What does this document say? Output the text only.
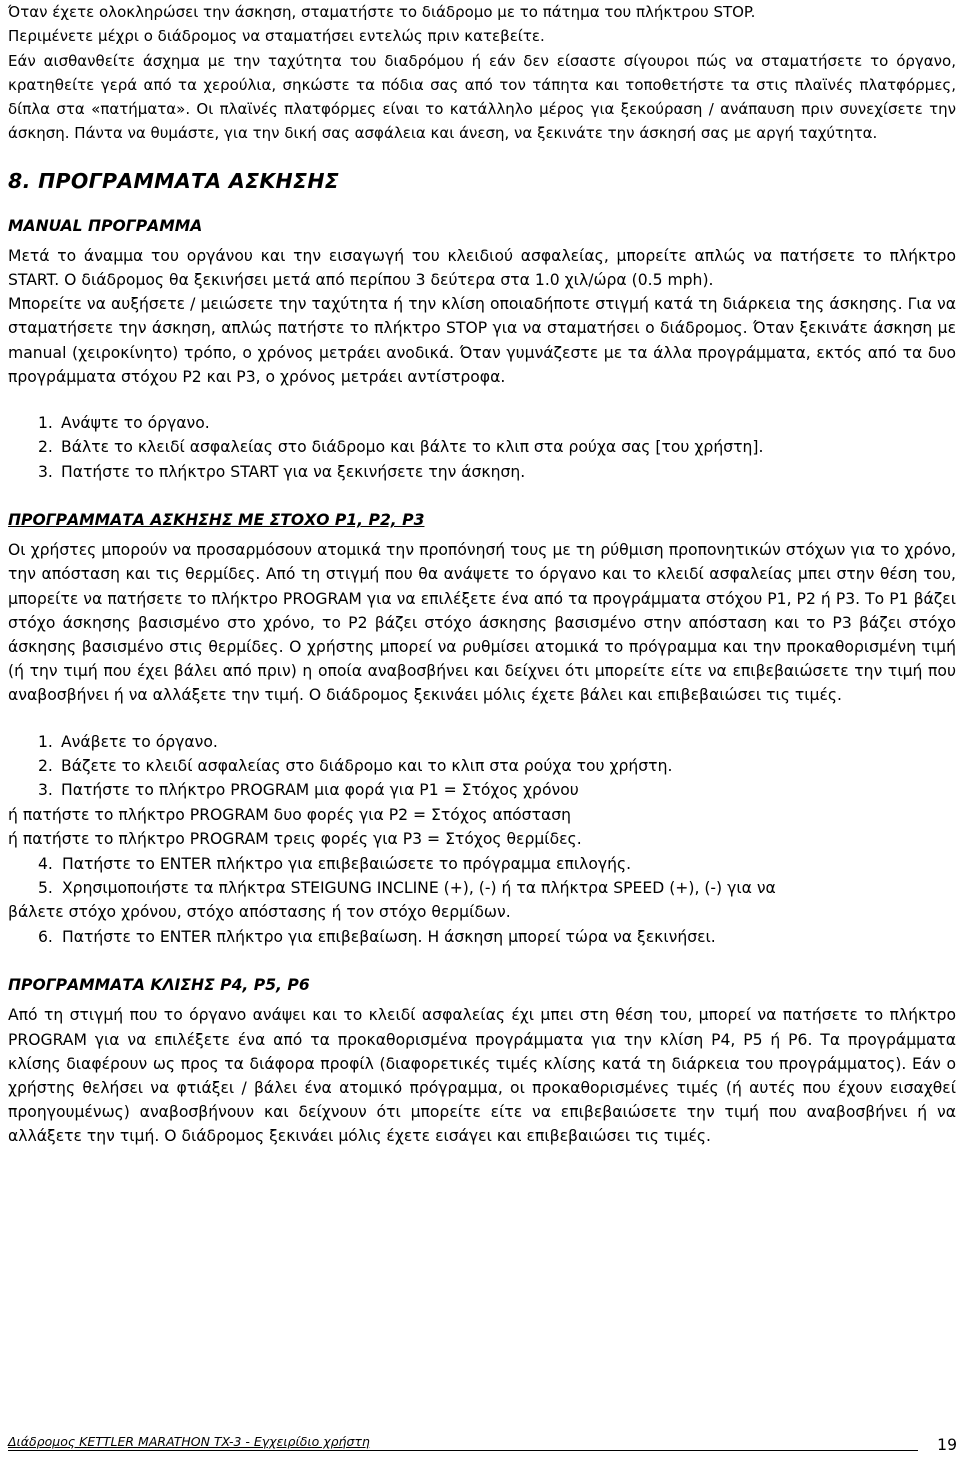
Όταν έχετε ολοκληρώσει την άσκηση, σταματήστε το διάδρομο με το πάτημα του πλήκτρου STOP.

Περιμένετε μέχρι ο διάδρομος να σταματήσει εντελώς πριν κατεβείτε.

Εάν αισθανθείτε άσχημα με την ταχύτητα του διαδρόμου ή εάν δεν είσαστε σίγουροι πώς να σταματήσετε το όργανο, κρατηθείτε γερά από τα χερούλια, σηκώστε τα πόδια σας από τον τάπητα και τοποθετήστε τα στις πλαϊνές πλατφόρμες, δίπλα στα «πατήματα». Οι πλαϊνές πλατφόρμες είναι το κατάλληλο μέρος για ξεκούραση / ανάπαυση πριν συνεχίσετε την άσκηση. Πάντα να θυμάστε, για την δική σας ασφάλεια και άνεση, να ξεκινάτε την άσκησή σας με αργή ταχύτητα.

8. ΠΡΟΓΡΑΜΜΑΤΑ ΑΣΚΗΣΗΣ
MANUAL ΠΡΟΓΡΑΜΜΑ

Μετά το άναμμα του οργάνου και την εισαγωγή του κλειδιού ασφαλείας, μπορείτε απλώς να πατήσετε το πλήκτρο START. Ο διάδρομος θα ξεκινήσει μετά από περίπου 3 δεύτερα στα 1.0 χιλ/ώρα (0.5 mph).

Μπορείτε να αυξήσετε / μειώσετε την ταχύτητα ή την κλίση οποιαδήποτε στιγμή κατά τη διάρκεια της άσκησης. Για να σταματήσετε την άσκηση, απλώς πατήστε το πλήκτρο STOP για να σταματήσει ο διάδρομος. Όταν ξεκινάτε άσκηση με manual (χειροκίνητο) τρόπο, ο χρόνος μετράει ανοδικά. Όταν γυμνάζεστε με τα άλλα προγράμματα, εκτός από τα δυο προγράμματα στόχου P2 και P3, ο χρόνος μετράει αντίστροφα.

1. Ανάψτε το όργανο.
2. Βάλτε το κλειδί ασφαλείας στο διάδρομο και βάλτε το κλιπ στα ρούχα σας [του χρήστη].
3. Πατήστε το πλήκτρο START για να ξεκινήσετε την άσκηση.
ΠΡΟΓΡΑΜΜΑΤΑ ΑΣΚΗΣΗΣ ΜΕ ΣΤΟΧΟ P1, P2, P3

Οι χρήστες μπορούν να προσαρμόσουν ατομικά την προπόνησή τους με τη ρύθμιση προπονητικών στόχων για το χρόνο, την απόσταση και τις θερμίδες. Από τη στιγμή που θα ανάψετε το όργανο και το κλειδί ασφαλείας μπει στην θέση του, μπορείτε να πατήσετε το πλήκτρο PROGRAM για να επιλέξετε ένα από τα προγράμματα στόχου P1, P2 ή P3. Το P1 βάζει στόχο άσκησης βασισμένο στο χρόνο, το P2 βάζει στόχο άσκησης βασισμένο στην απόσταση και το P3 βάζει στόχο άσκησης βασισμένο στις θερμίδες. Ο χρήστης μπορεί να ρυθμίσει ατομικά το πρόγραμμα και την προκαθορισμένη τιμή (ή την τιμή που έχει βάλει από πριν) η οποία αναβοσβήνει και δείχνει ότι μπορείτε είτε να επιβεβαιώσετε την τιμή που αναβοσβήνει ή να αλλάξετε την τιμή. Ο διάδρομος ξεκινάει μόλις έχετε βάλει και επιβεβαιώσει τις τιμές.

1. Ανάβετε το όργανο.
2. Βάζετε το κλειδί ασφαλείας στο διάδρομο και το κλιπ στα ρούχα του χρήστη.
3. Πατήστε το πλήκτρο PROGRAM μια φορά για P1 = Στόχος χρόνου
ή πατήστε το πλήκτρο PROGRAM δυο φορές για P2 = Στόχος απόσταση
ή πατήστε το πλήκτρο PROGRAM τρεις φορές για P3 = Στόχος θερμίδες.
4. Πατήστε το ENTER πλήκτρο για επιβεβαιώσετε το πρόγραμμα επιλογής.
5. Χρησιμοποιήστε τα πλήκτρα STEIGUNG INCLINE (+), (-) ή τα πλήκτρα SPEED (+), (-) για να
βάλετε στόχο χρόνου, στόχο απόστασης ή τον στόχο θερμίδων.
6. Πατήστε το ENTER πλήκτρο για επιβεβαίωση. Η άσκηση μπορεί τώρα να ξεκινήσει.
ΠΡΟΓΡΑΜΜΑΤΑ ΚΛΙΣΗΣ P4, P5, P6

Από τη στιγμή που το όργανο ανάψει και το κλειδί ασφαλείας έχι μπει στη θέση του, μπορεί να πατήσετε το πλήκτρο PROGRAM για να επιλέξετε ένα από τα προκαθορισμένα προγράμματα για την κλίση P4, P5 ή P6. Τα προγράμματα κλίσης διαφέρουν ως προς τα διάφορα προφίλ (διαφορετικές τιμές κλίσης κατά τη διάρκεια του προγράμματος). Εάν ο χρήστης θελήσει να φτιάξει / βάλει ένα ατομικό πρόγραμμα, οι προκαθορισμένες τιμές (ή αυτές που έχουν εισαχθεί προηγουμένως) αναβοσβήνουν και δείχνουν ότι μπορείτε είτε να επιβεβαιώσετε την τιμή που αναβοσβήνει ή να αλλάξετε την τιμή. Ο διάδρομος ξεκινάει μόλις έχετε εισάγει και επιβεβαιώσει τις τιμές.

Διάδρομος KETTLER MARATHON TX-3 - Εγχειρίδιο χρήστη	19
